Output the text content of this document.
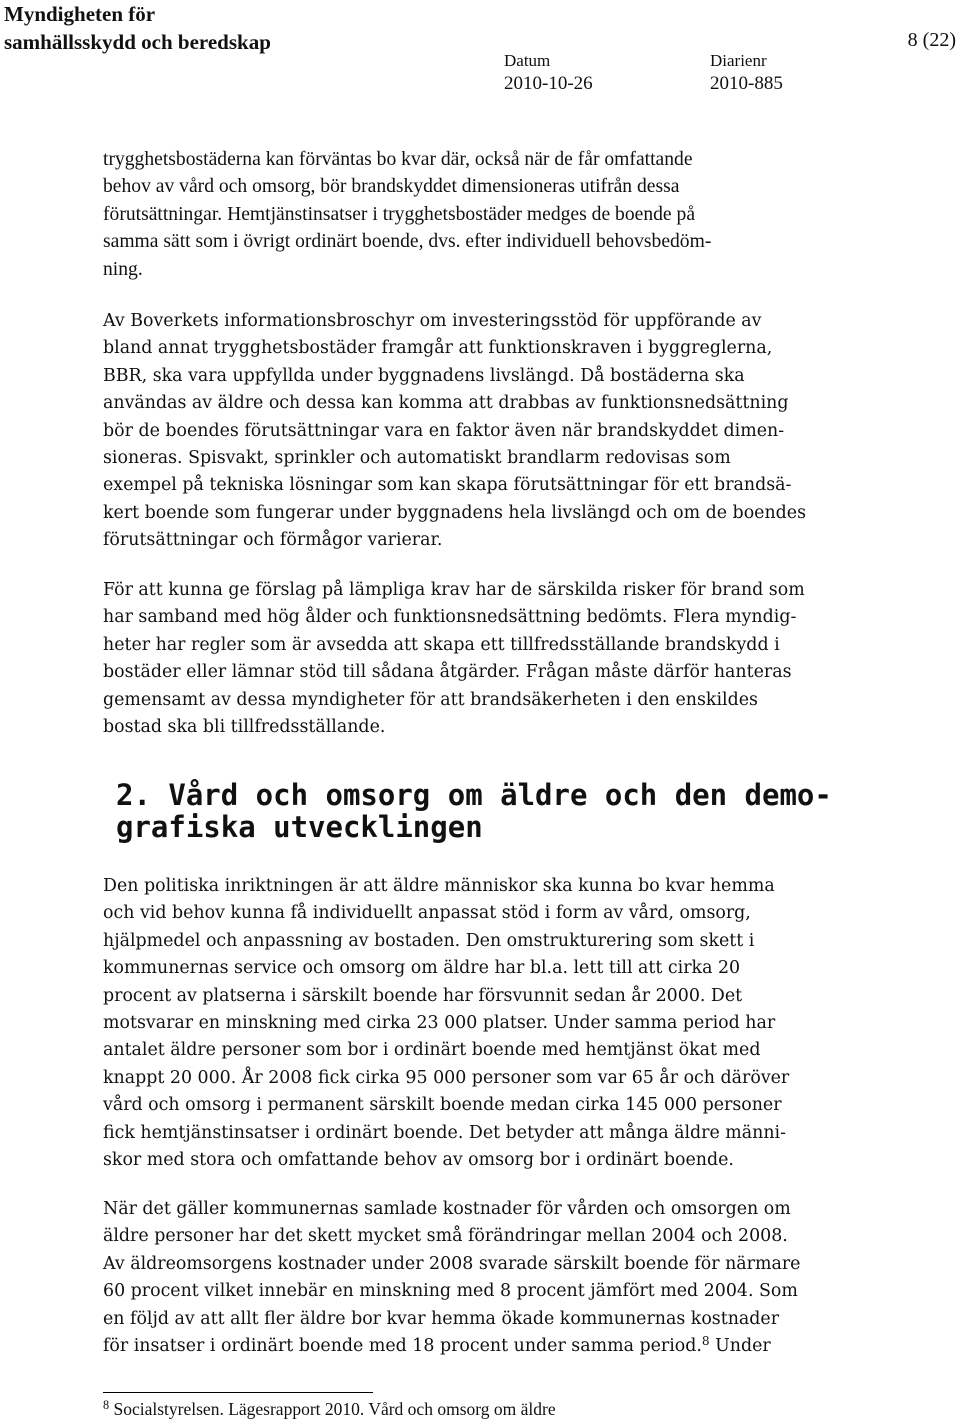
Myndigheten för
samhällsskydd och beredskap	8 (22)
Datum
2010-10-26
Diarienr
2010-885
trygghetsbostäderna kan förväntas bo kvar där, också när de får omfattande
behov av vård och omsorg, bör brandskyddet dimensioneras utifrån dessa
förutsättningar. Hemtjänstinsatser i trygghetsbostäder medges de boende på
samma sätt som i övrigt ordinärt boende, dvs. efter individuell behovsbedöm-
ning.
Av Boverkets informationsbroschyr om investeringsstöd för uppförande av
bland annat trygghetsbostäder framgår att funktionskraven i byggreglerna,
BBR, ska vara uppfyllda under byggnadens livslängd. Då bostäderna ska
användas av äldre och dessa kan komma att drabbas av funktionsnedsättning
bör de boendes förutsättningar vara en faktor även när brandskyddet dimen-
sioneras. Spisvakt, sprinkler och automatiskt brandlarm redovisas som
exempel på tekniska lösningar som kan skapa förutsättningar för ett brandsä-
kert boende som fungerar under byggnadens hela livslängd och om de boendes
förutsättningar och förmågor varierar.
För att kunna ge förslag på lämpliga krav har de särskilda risker för brand som
har samband med hög ålder och funktionsnedsättning bedömts. Flera myndig-
heter har regler som är avsedda att skapa ett tillfredsställande brandskydd i
bostäder eller lämnar stöd till sådana åtgärder. Frågan måste därför hanteras
gemensamt av dessa myndigheter för att brandsäkerheten i den enskildes
bostad ska bli tillfredsställande.
2. Vård och omsorg om äldre och den demo-
grafiska utvecklingen
Den politiska inriktningen är att äldre människor ska kunna bo kvar hemma
och vid behov kunna få individuellt anpassat stöd i form av vård, omsorg,
hjälpmedel och anpassning av bostaden. Den omstrukturering som skett i
kommunernas service och omsorg om äldre har bl.a. lett till att cirka 20
procent av platserna i särskilt boende har försvunnit sedan år 2000. Det
motsvarar en minskning med cirka 23 000 platser. Under samma period har
antalet äldre personer som bor i ordinärt boende med hemtjänst ökat med
knappt 20 000. År 2008 fick cirka 95 000 personer som var 65 år och däröver
vård och omsorg i permanent särskilt boende medan cirka 145 000 personer
fick hemtjänstinsatser i ordinärt boende. Det betyder att många äldre männi-
skor med stora och omfattande behov av omsorg bor i ordinärt boende.
När det gäller kommunernas samlade kostnader för vården och omsorgen om
äldre personer har det skett mycket små förändringar mellan 2004 och 2008.
Av äldreomsorgens kostnader under 2008 svarade särskilt boende för närmare
60 procent vilket innebär en minskning med 8 procent jämfört med 2004. Som
en följd av att allt fler äldre bor kvar hemma ökade kommunernas kostnader
för insatser i ordinärt boende med 18 procent under samma period.$^8$ Under
$^8$ Socialstyrelsen. Lägesrapport 2010. Vård och omsorg om äldre
